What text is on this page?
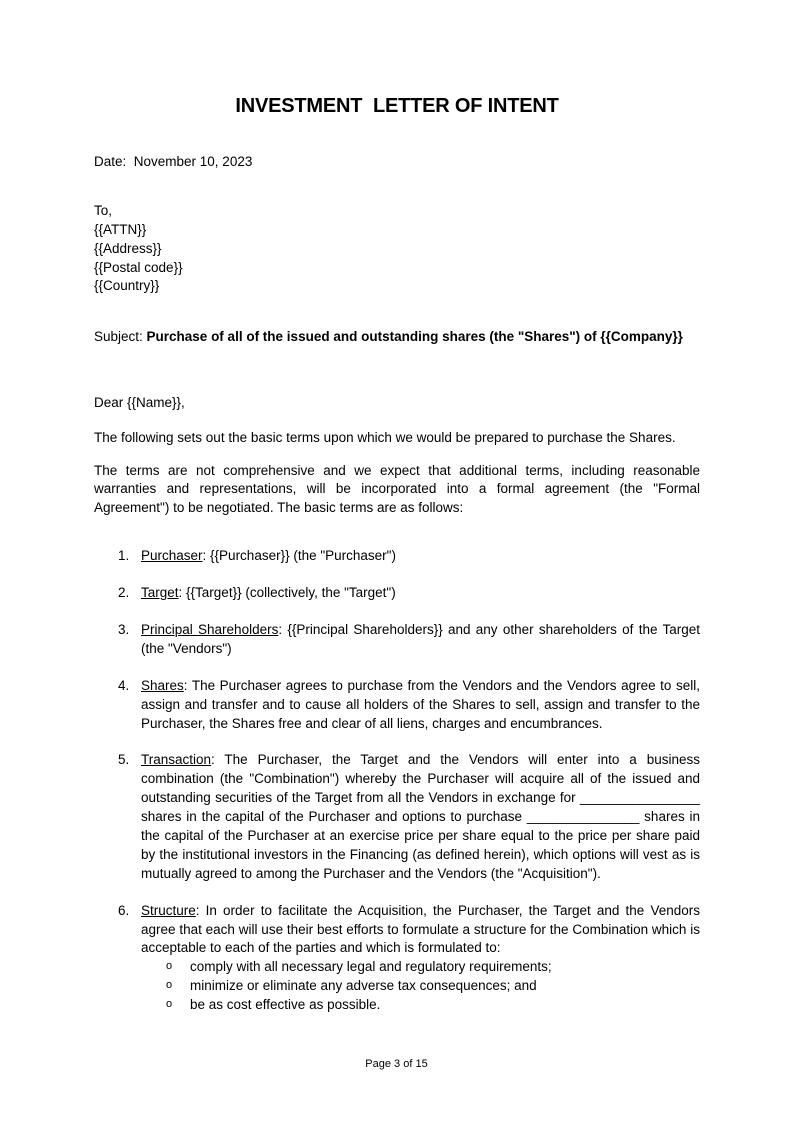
INVESTMENT  LETTER OF INTENT
Date:  November 10, 2023
To,
{{ATTN}}
{{Address}}
{{Postal code}}
{{Country}}
Subject: Purchase of all of the issued and outstanding shares (the "Shares") of {{Company}}
Dear {{Name}},

The following sets out the basic terms upon which we would be prepared to purchase the Shares.

The terms are not comprehensive and we expect that additional terms, including reasonable warranties and representations, will be incorporated into a formal agreement (the "Formal Agreement") to be negotiated. The basic terms are as follows:

1. Purchaser: {{Purchaser}} (the "Purchaser")
2. Target: {{Target}} (collectively, the "Target")
3. Principal Shareholders: {{Principal Shareholders}} and any other shareholders of the Target (the "Vendors")
4. Shares: The Purchaser agrees to purchase from the Vendors and the Vendors agree to sell, assign and transfer and to cause all holders of the Shares to sell, assign and transfer to the Purchaser, the Shares free and clear of all liens, charges and encumbrances.
5. Transaction: The Purchaser, the Target and the Vendors will enter into a business combination (the "Combination") whereby the Purchaser will acquire all of the issued and outstanding securities of the Target from all the Vendors in exchange for ________________ shares in the capital of the Purchaser and options to purchase _______________ shares in the capital of the Purchaser at an exercise price per share equal to the price per share paid by the institutional investors in the Financing (as defined herein), which options will vest as is mutually agreed to among the Purchaser and the Vendors (the "Acquisition").
6. Structure: In order to facilitate the Acquisition, the Purchaser, the Target and the Vendors agree that each will use their best efforts to formulate a structure for the Combination which is acceptable to each of the parties and which is formulated to:
o comply with all necessary legal and regulatory requirements;
o minimize or eliminate any adverse tax consequences; and
o be as cost effective as possible.
Page 3 of 15
